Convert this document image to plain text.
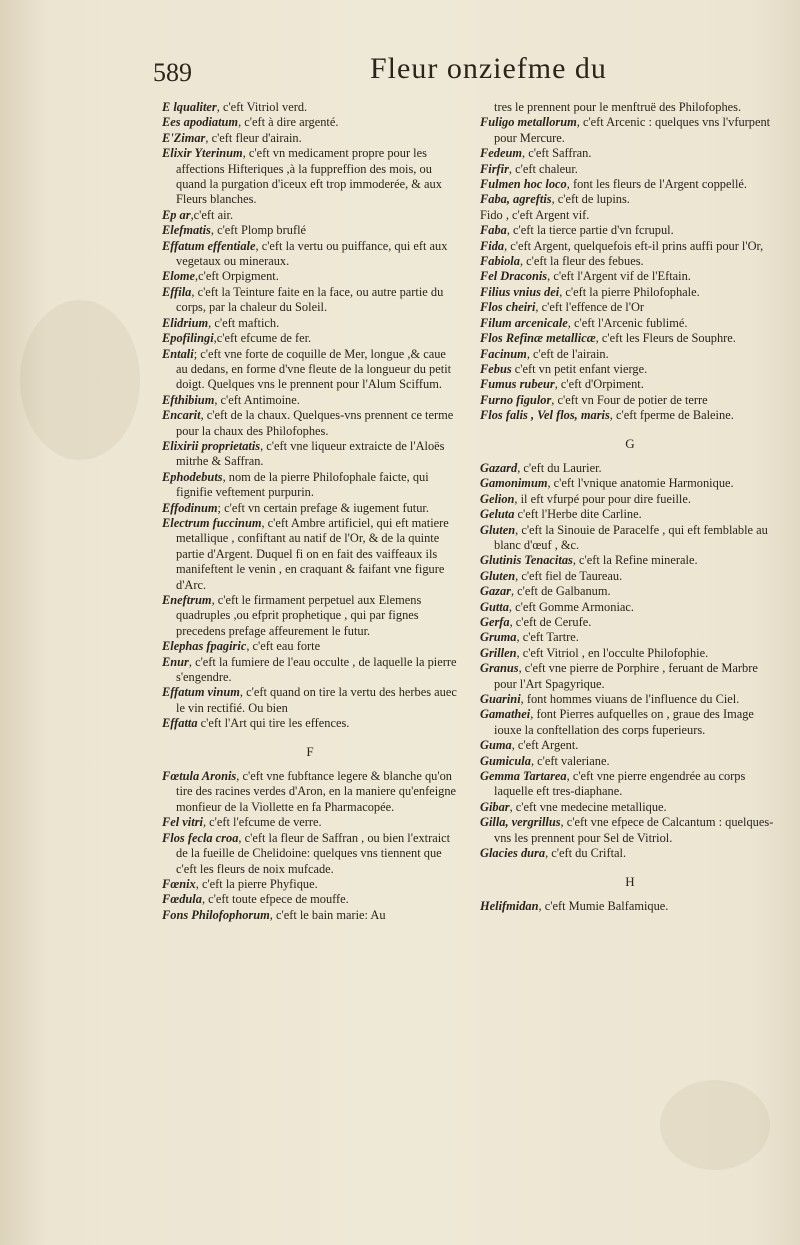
589	Fleur onziefme du

E lqualiter, c'eft Vitriol verd.

Ees apodiatum, c'eft à dire argenté.

E'Zimar, c'eft fleur d'airain.

Elixir Yterinum, c'eft vn medicament propre pour les affections Hifteriques ,à la fuppreffion des mois, ou quand la purgation d'iceux eft trop immoderée, & aux Fleurs blanches.

Ep ar,c'eft air.

Elefmatis, c'eft Plomp bruflé

Effatum effentiale, c'eft la vertu ou puiffance, qui eft aux vegetaux ou mineraux.

Elome,c'eft Orpigment.

Effila, c'eft la Teinture faite en la face, ou autre partie du corps, par la chaleur du Soleil.

Elidrium, c'eft maftich.

Epofilingi,c'eft efcume de fer.

Entali; c'eft vne forte de coquille de Mer, longue ,& caue au dedans, en forme d'vne fleute de la longueur du petit doigt. Quelques vns le prennent pour l'Alum Sciffum.

Efthibium, c'eft Antimoine.

Encarit, c'eft de la chaux. Quelques-vns prennent ce terme pour la chaux des Philofophes.

Elixirii proprietatis, c'eft vne liqueur extraicte de l'Aloës mitrhe & Saffran.

Ephodebuts, nom de la pierre Philofophale faicte, qui fignifie veftement purpurin.

Effodinum; c'eft vn certain prefage & iugement futur.

Electrum fuccinum, c'eft Ambre artificiel, qui eft matiere metallique , confiftant au natif de l'Or, & de la quinte partie d'Argent. Duquel fi on en fait des vaiffeaux ils manifeftent le venin , en craquant & faifant vne figure d'Arc.

Eneftrum, c'eft le firmament perpetuel aux Elemens quadruples ,ou efprit prophetique , qui par fignes precedens prefage affeurement le futur.

Elephas fpagiric, c'eft eau forte

Enur, c'eft la fumiere de l'eau occulte , de laquelle la pierre s'engendre.

Effatum vinum, c'eft quand on tire la vertu des herbes auec le vin rectifié. Ou bien

Effatta c'eft l'Art qui tire les effences.

F

Fœtula Aronis, c'eft vne fubftance legere & blanche qu'on tire des racines verdes d'Aron, en la maniere qu'enfeigne monfieur de la Viollette en fa Pharmacopée.

Fel vitri, c'eft l'efcume de verre.

Flos fecla croa, c'eft la fleur de Saffran , ou bien l'extraict de la fueille de Chelidoine: quelques vns tiennent que c'eft les fleurs de noix mufcade.

Fœnix, c'eft la pierre Phyfique.

Fœdula, c'eft toute efpece de mouffe.

Fons Philofophorum, c'eft le bain marie: Au

tres le prennent pour le menftruë des Philofophes.

Fuligo metallorum, c'eft Arcenic : quelques vns l'vfurpent pour Mercure.

Fedeum, c'eft Saffran.

Firfir, c'eft chaleur.

Fulmen hoc loco, font les fleurs de l'Argent coppellé.

Faba, agreftis, c'eft de lupins.

Fido , c'eft Argent vif.

Faba, c'eft la tierce partie d'vn fcrupul.

Fida, c'eft Argent, quelquefois eft-il prins auffi pour l'Or,

Fabiola, c'eft la fleur des febues.

Fel Draconis, c'eft l'Argent vif de l'Eftain.

Filius vnius dei, c'eft la pierre Philofophale.

Flos cheiri, c'eft l'effence de l'Or

Filum arcenicale, c'eft l'Arcenic fublimé.

Flos Refinæ metallicæ, c'eft les Fleurs de Souphre.

Facinum, c'eft de l'airain.

Febus c'eft vn petit enfant vierge.

Fumus rubeur, c'eft d'Orpiment.

Furno figulor, c'eft vn Four de potier de terre

Flos falis , Vel flos, maris, c'eft fperme de Baleine.

G

Gazard, c'eft du Laurier.

Gamonimum, c'eft l'vnique anatomie Harmonique.

Gelion, il eft vfurpé pour pour dire fueille.

Geluta c'eft l'Herbe dite Carline.

Gluten, c'eft la Sinouie de Paracelfe , qui eft femblable au blanc d'œuf , &c.

Glutinis Tenacitas, c'eft la Refine minerale.

Gluten, c'eft fiel de Taureau.

Gazar, c'eft de Galbanum.

Gutta, c'eft Gomme Armoniac.

Gerfa, c'eft de Cerufe.

Gruma, c'eft Tartre.

Grillen, c'eft Vitriol , en l'occulte Philofophie.

Granus, c'eft vne pierre de Porphire , feruant de Marbre pour l'Art Spagyrique.

Guarini, font hommes viuans de l'influence du Ciel.

Gamathei, font Pierres aufquelles on , graue des Image iouxe la conftellation des corps fuperieurs.

Guma, c'eft Argent.

Gumicula, c'eft valeriane.

Gemma Tartarea, c'eft vne pierre engendrée au corps laquelle eft tres-diaphane.

Gibar, c'eft vne medecine metallique.

Gilla, vergrillus, c'eft vne efpece de Calcantum : quelques-vns les prennent pour Sel de Vitriol.

Glacies dura, c'eft du Criftal.

H

Helifmidan, c'eft Mumie Balfamique.
